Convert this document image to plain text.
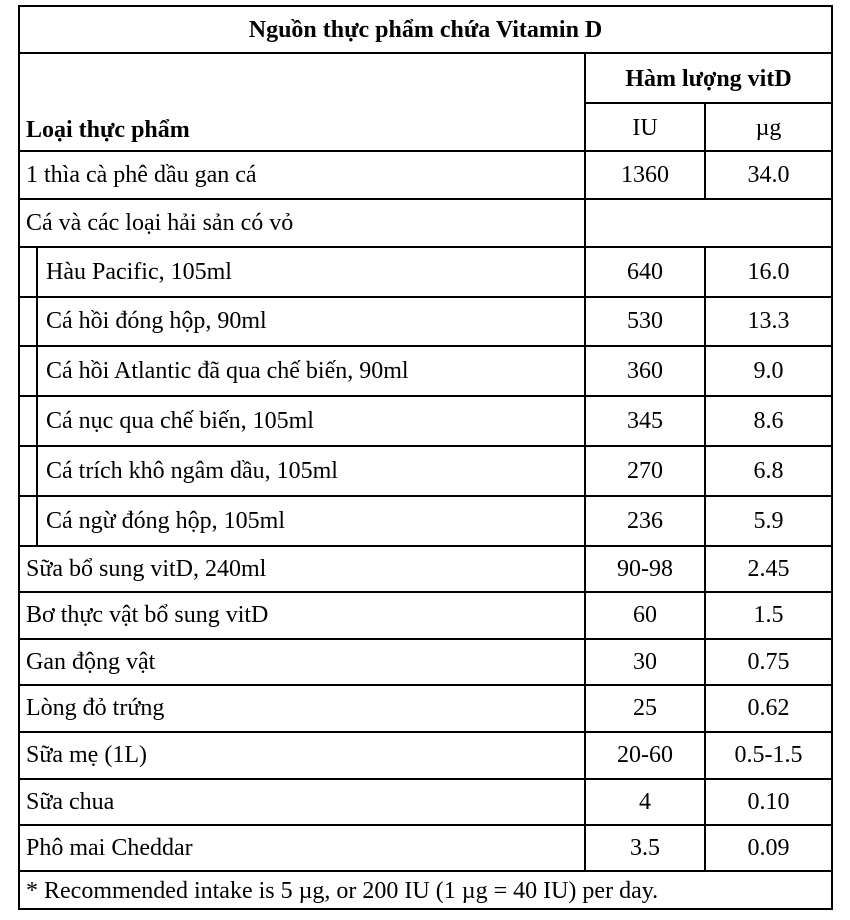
Nguồn thực phẩm chứa Vitamin D
Loại thực phẩm
Hàm lượng vitD
IU	µg
1 thìa cà phê dầu gan cá	1360	34.0
Cá và các loại hải sản có vỏ
Hàu Pacific, 105ml	640	16.0
Cá hồi đóng hộp, 90ml	530	13.3
Cá hồi Atlantic đã qua chế biến, 90ml	360	9.0
Cá nục qua chế biến, 105ml	345	8.6
Cá trích khô ngâm dầu, 105ml	270	6.8
Cá ngừ đóng hộp, 105ml	236	5.9
Sữa bổ sung vitD, 240ml	90-98	2.45
Bơ thực vật bổ sung vitD	60	1.5
Gan động vật	30	0.75
Lòng đỏ trứng	25	0.62
Sữa mẹ (1L)	20-60	0.5-1.5
Sữa chua	4	0.10
Phô mai Cheddar	3.5	0.09
* Recommended intake is 5 µg, or 200 IU (1 µg = 40 IU) per day.
